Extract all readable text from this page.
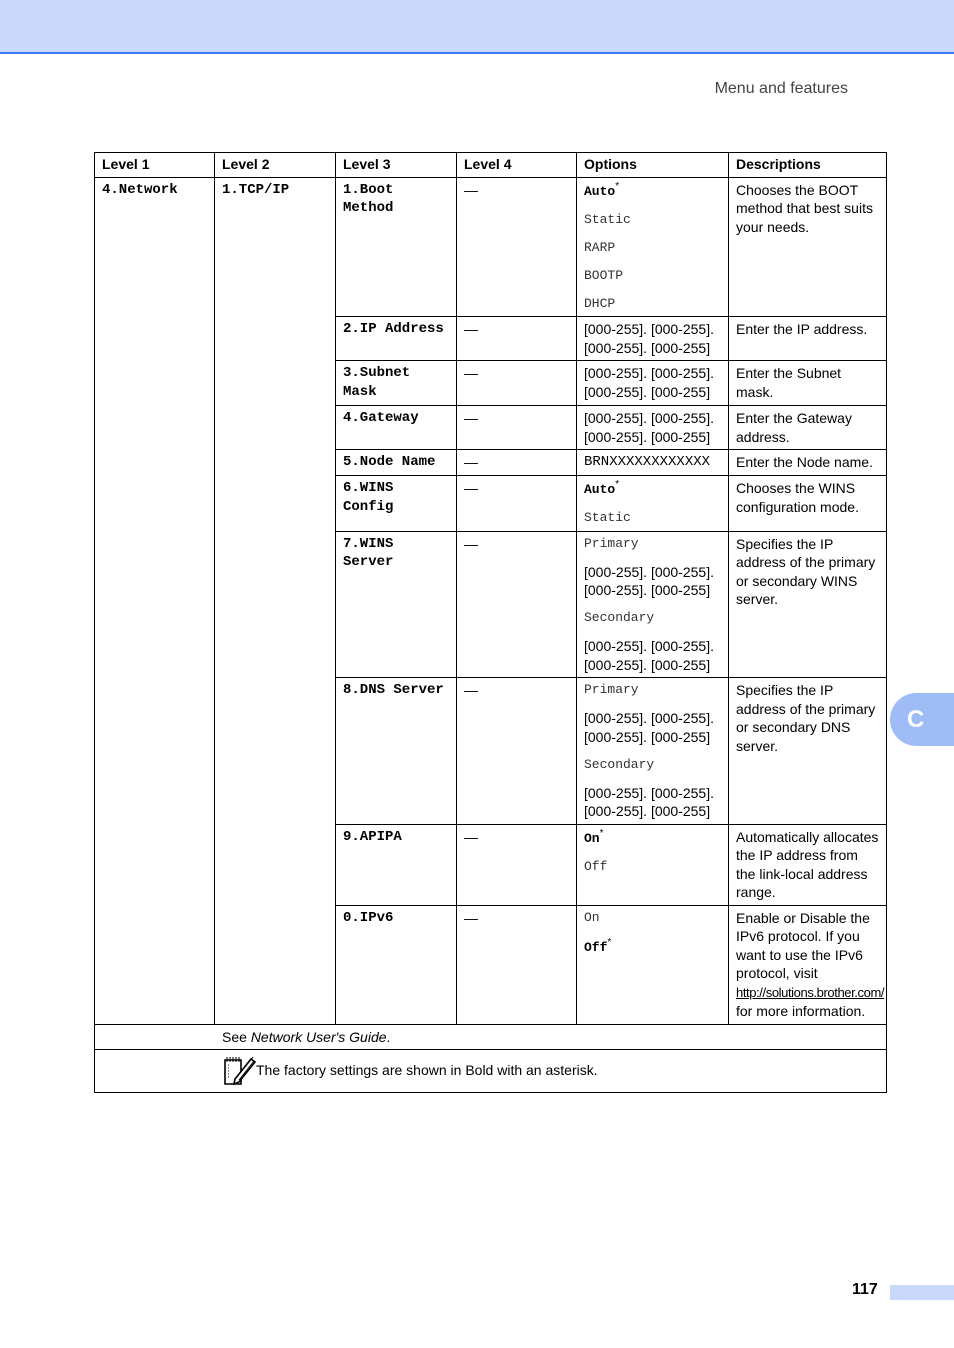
Menu and features
C
Level 1	Level 2	Level 3	Level 4	Options	Descriptions
4.Network	1.TCP/IP	1.Boot Method	—	Auto*
Static
RARP
BOOTP
DHCP	Chooses the BOOT method that best suits your needs.
		2.IP Address	—	[000-255]. [000-255]. [000-255]. [000-255]	Enter the IP address.
		3.Subnet Mask	—	[000-255]. [000-255]. [000-255]. [000-255]	Enter the Subnet mask.
		4.Gateway	—	[000-255]. [000-255]. [000-255]. [000-255]	Enter the Gateway address.
		5.Node Name	—	BRNXXXXXXXXXXXX	Enter the Node name.
		6.WINS Config	—	Auto*
Static	Chooses the WINS configuration mode.
		7.WINS Server	—	Primary
[000-255]. [000-255]. [000-255]. [000-255]
Secondary
[000-255]. [000-255]. [000-255]. [000-255]	Specifies the IP address of the primary or secondary WINS server.
		8.DNS Server	—	Primary
[000-255]. [000-255]. [000-255]. [000-255]
Secondary
[000-255]. [000-255]. [000-255]. [000-255]	Specifies the IP address of the primary or secondary DNS server.
		9.APIPA	—	On*
Off	Automatically allocates the IP address from the link-local address range.
		0.IPv6	—	On
Off*	Enable or Disable the IPv6 protocol. If you want to use the IPv6 protocol, visit
http://solutions.brother.com/
for more information.
See Network User's Guide.					

The factory settings are shown in Bold with an asterisk.					
117
